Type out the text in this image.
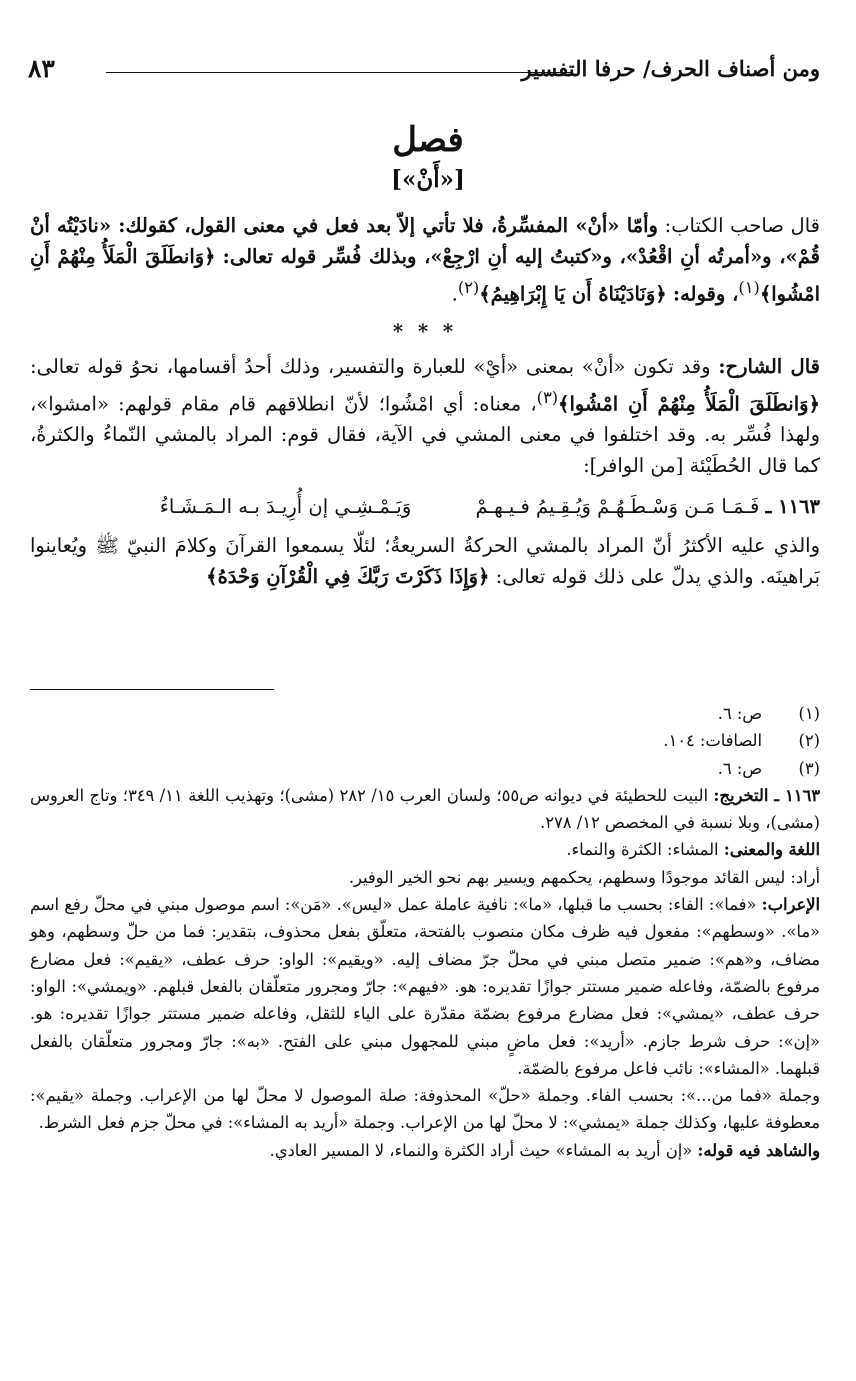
ومن أصناف الحرف/ حرفا التفسير
٨٣
فصل
[«أَنْ»]

قال صاحب الكتاب: وأمّا «أنْ» المفسِّرةُ، فلا تأتي إلاّ بعد فعل في معنى القول، كقولك: «نادَيْتُه أنْ قُمْ»، و«أمرتُه أنِ اقْعُدْ»، و«كتبتُ إليه أنِ ارْجِعْ»، وبذلك فُسِّر قوله تعالى: ﴿وَانطَلَقَ الْمَلَأُ مِنْهُمْ أَنِ امْشُوا﴾$^{(١)}$، وقوله: ﴿وَنَادَيْنَاهُ أَن يَا إِبْرَاهِيمُ﴾$^{(٢)}$.

* * *

قال الشارح: وقد تكون «أنْ» بمعنى «أيْ» للعبارة والتفسير، وذلك أحدُ أقسامها، نحوُ قوله تعالى: ﴿وَانطَلَقَ الْمَلَأُ مِنْهُمْ أَنِ امْشُوا﴾$^{(٣)}$، معناه: أي امْشُوا؛ لأنّ انطلاقهم قام مقام قولهم: «امشوا»، ولهذا فُسِّر به. وقد اختلفوا في معنى المشي في الآية، فقال قوم: المراد بالمشي النّماءُ والكثرةُ، كما قال الحُطَيْئة [من الوافر]:

١١٦٣ ـ فَـمَـا مَـن وَسْـطَـهُـمْ وَيُـقِـيمُ فـيـهـمْ وَيَـمْـشِـي إن أُرِيـدَ بـه الـمَـشَـاءُ

والذي عليه الأكثرُ أنّ المراد بالمشي الحركةُ السريعةُ؛ لئلّا يسمعوا القرآنَ وكلامَ النبيّ ﷺ ويُعاينوا بَراهينَه. والذي يدلّ على ذلك قوله تعالى: ﴿وَإِذَا ذَكَرْتَ رَبَّكَ فِي الْقُرْآنِ وَحْدَهُ﴾

(١)ص: ٦.

(٢)الصافات: ١٠٤.

(٣)ص: ٦.

١١٦٣ ـ التخريج: البيت للحطيئة في ديوانه ص٥٥؛ ولسان العرب ١٥/ ٢٨٢ (مشى)؛ وتهذيب اللغة ١١/ ٣٤٩؛ وتاج العروس (مشى)، وبلا نسبة في المخصص ١٢/ ٢٧٨.

اللغة والمعنى: المشاء: الكثرة والنماء.

أراد: ليس القائد موجودًا وسطهم، يحكمهم ويسير بهم نحو الخير الوفير.

الإعراب: «فما»: الفاء: بحسب ما قبلها، «ما»: نافية عاملة عمل «ليس». «مَن»: اسم موصول مبني في محلّ رفع اسم «ما». «وسطهم»: مفعول فيه ظرف مكان منصوب بالفتحة، متعلّق بفعل محذوف، بتقدير: فما من حلّ وسطهم، وهو مضاف، و«هم»: ضمير متصل مبني في محلّ جرّ مضاف إليه. «ويقيم»: الواو: حرف عطف، «يقيم»: فعل مضارع مرفوع بالضمّة، وفاعله ضمير مستتر جوازًا تقديره: هو. «فيهم»: جارّ ومجرور متعلّقان بالفعل قبلهم. «ويمشي»: الواو: حرف عطف، «يمشي»: فعل مضارع مرفوع بضمّة مقدّرة على الياء للثقل، وفاعله ضمير مستتر جوازًا تقديره: هو. «إن»: حرف شرط جازم. «أريد»: فعل ماضٍ مبني للمجهول مبني على الفتح. «به»: جارّ ومجرور متعلّقان بالفعل قبلهما. «المشاء»: نائب فاعل مرفوع بالضمّة.

وجملة «فما من...»: بحسب الفاء. وجملة «حلّ» المحذوفة: صلة الموصول لا محلّ لها من الإعراب. وجملة «يقيم»: معطوفة عليها، وكذلك جملة «يمشي»: لا محلّ لها من الإعراب. وجملة «أريد به المشاء»: في محلّ جزم فعل الشرط.

والشاهد فيه قوله: «إن أريد به المشاء» حيث أراد الكثرة والنماء، لا المسير العادي.
